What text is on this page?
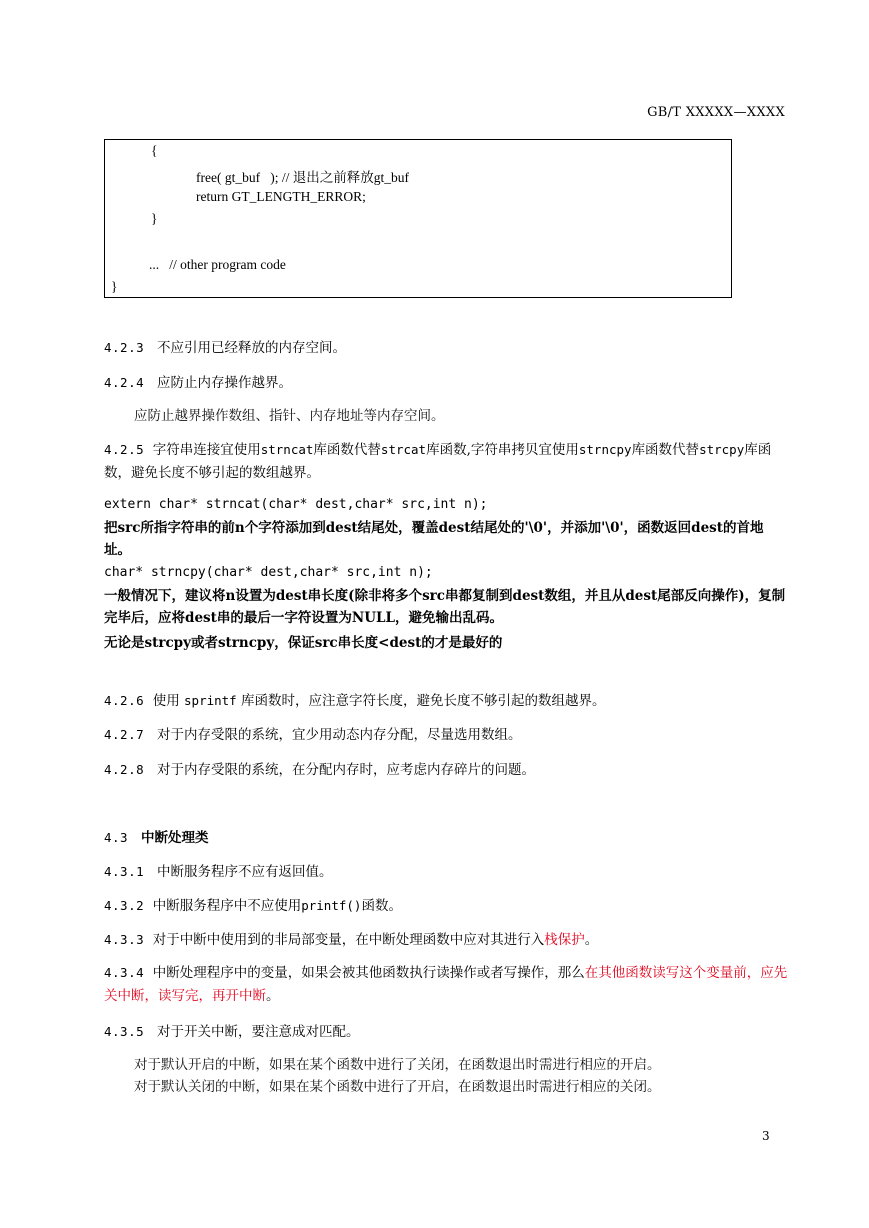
GB/T XXXXX—XXXX
{
free( gt_buf   ); // 退出之前释放gt_buf
return GT_LENGTH_ERROR;
}
...   // other program code
}
4.2.3 不应引用已经释放的内存空间。
4.2.4 应防止内存操作越界。
应防止越界操作数组、指针、内存地址等内存空间。
4.2.5 字符串连接宜使用strncat库函数代替strcat库函数,字符串拷贝宜使用strncpy库函数代替strcpy库函数，避免长度不够引起的数组越界。
extern char* strncat(char* dest,char* src,int n);
把src所指字符串的前n个字符添加到dest结尾处，覆盖dest结尾处的'\0'，并添加'\0'，函数返回dest的首地址。
char* strncpy(char* dest,char* src,int n);
一般情况下，建议将n设置为dest串长度(除非将多个src串都复制到dest数组，并且从dest尾部反向操作)，复制完毕后，应将dest串的最后一字符设置为NULL，避免输出乱码。
无论是strcpy或者strncpy，保证src串长度<dest的才是最好的
4.2.6 使用 sprintf 库函数时，应注意字符长度，避免长度不够引起的数组越界。
4.2.7 对于内存受限的系统，宜少用动态内存分配，尽量选用数组。
4.2.8 对于内存受限的系统，在分配内存时，应考虑内存碎片的问题。
4.3 中断处理类
4.3.1 中断服务程序不应有返回值。
4.3.2 中断服务程序中不应使用printf()函数。
4.3.3 对于中断中使用到的非局部变量，在中断处理函数中应对其进行入栈保护。
4.3.4 中断处理程序中的变量，如果会被其他函数执行读操作或者写操作，那么在其他函数读写这个变量前，应先关中断，读写完，再开中断。
4.3.5 对于开关中断，要注意成对匹配。
对于默认开启的中断，如果在某个函数中进行了关闭，在函数退出时需进行相应的开启。
对于默认关闭的中断，如果在某个函数中进行了开启，在函数退出时需进行相应的关闭。
3
